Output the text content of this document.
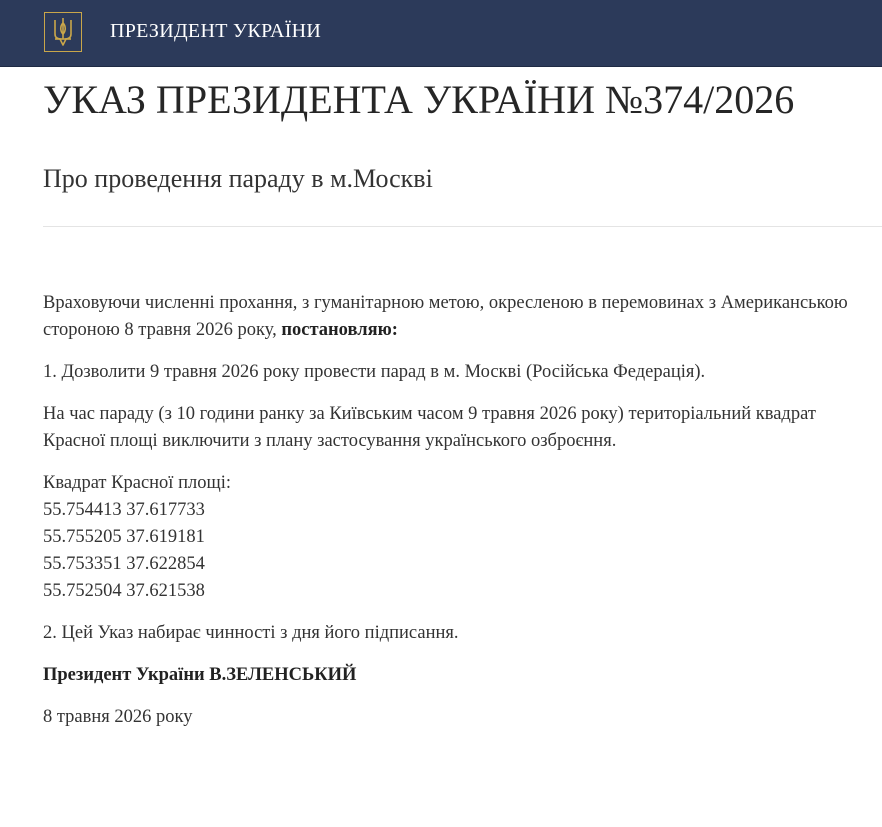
ПРЕЗИДЕНТ УКРАЇНИ
УКАЗ ПРЕЗИДЕНТА УКРАЇНИ №374/2026
Про проведення параду в м.Москві

Враховуючи численні прохання, з гуманітарною метою, окресленою в перемовинах з Американською стороною 8 травня 2026 року, постановляю:

1. Дозволити 9 травня 2026 року провести парад в м. Москві (Російська Федерація).

На час параду (з 10 години ранку за Київським часом 9 травня 2026 року) територіальний квадрат Красної площі виключити з плану застосування українського озброєння.

Квадрат Красної площі:
55.754413 37.617733
55.755205 37.619181
55.753351 37.622854
55.752504 37.621538

2. Цей Указ набирає чинності з дня його підписання.

Президент України В.ЗЕЛЕНСЬКИЙ

8 травня 2026 року
